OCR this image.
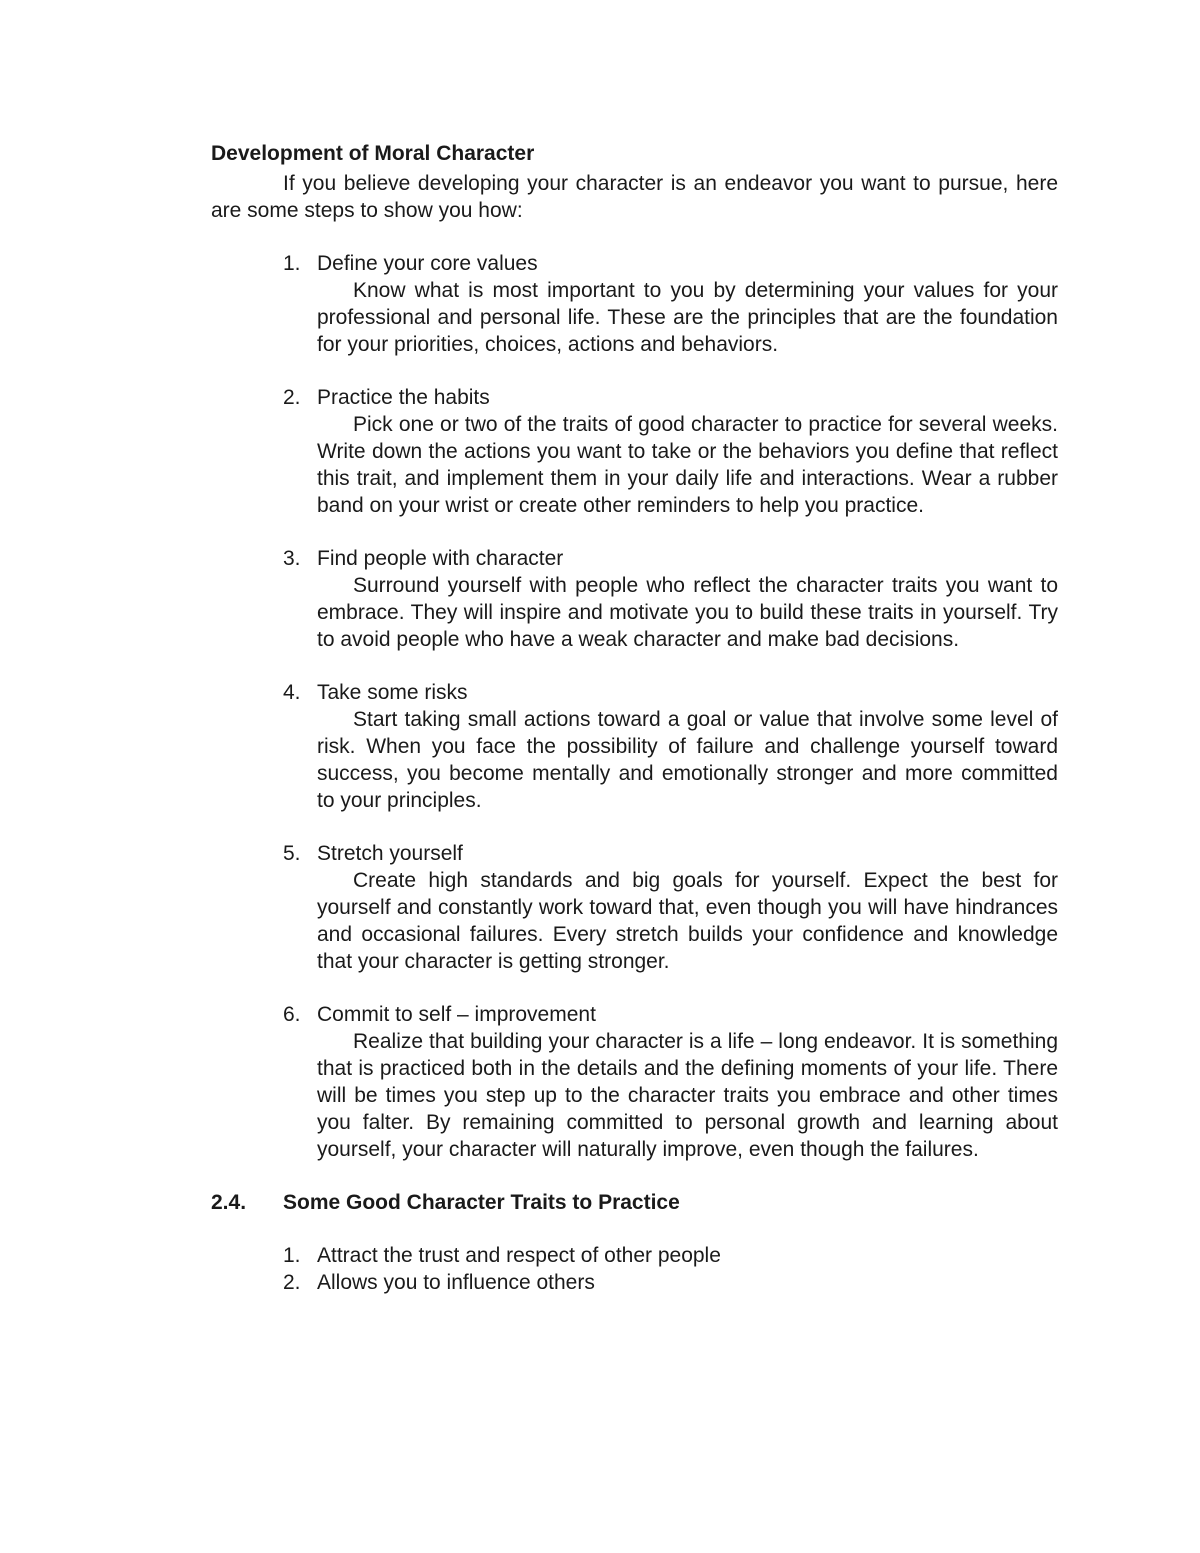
Development of Moral Character

If you believe developing your character is an endeavor you want to pursue, here are some steps to show you how:

1. Define your core values
Know what is most important to you by determining your values for your professional and personal life. These are the principles that are the foundation for your priorities, choices, actions and behaviors.
2. Practice the habits
Pick one or two of the traits of good character to practice for several weeks. Write down the actions you want to take or the behaviors you define that reflect this trait, and implement them in your daily life and interactions. Wear a rubber band on your wrist or create other reminders to help you practice.
3. Find people with character
Surround yourself with people who reflect the character traits you want to embrace. They will inspire and motivate you to build these traits in yourself. Try to avoid people who have a weak character and make bad decisions.
4. Take some risks
Start taking small actions toward a goal or value that involve some level of risk. When you face the possibility of failure and challenge yourself toward success, you become mentally and emotionally stronger and more committed to your principles.
5. Stretch yourself
Create high standards and big goals for yourself. Expect the best for yourself and constantly work toward that, even though you will have hindrances and occasional failures. Every stretch builds your confidence and knowledge that your character is getting stronger.
6. Commit to self – improvement
Realize that building your character is a life – long endeavor. It is something that is practiced both in the details and the defining moments of your life. There will be times you step up to the character traits you embrace and other times you falter. By remaining committed to personal growth and learning about yourself, your character will naturally improve, even though the failures.

2.4. Some Good Character Traits to Practice

1. Attract the trust and respect of other people
2. Allows you to influence others
